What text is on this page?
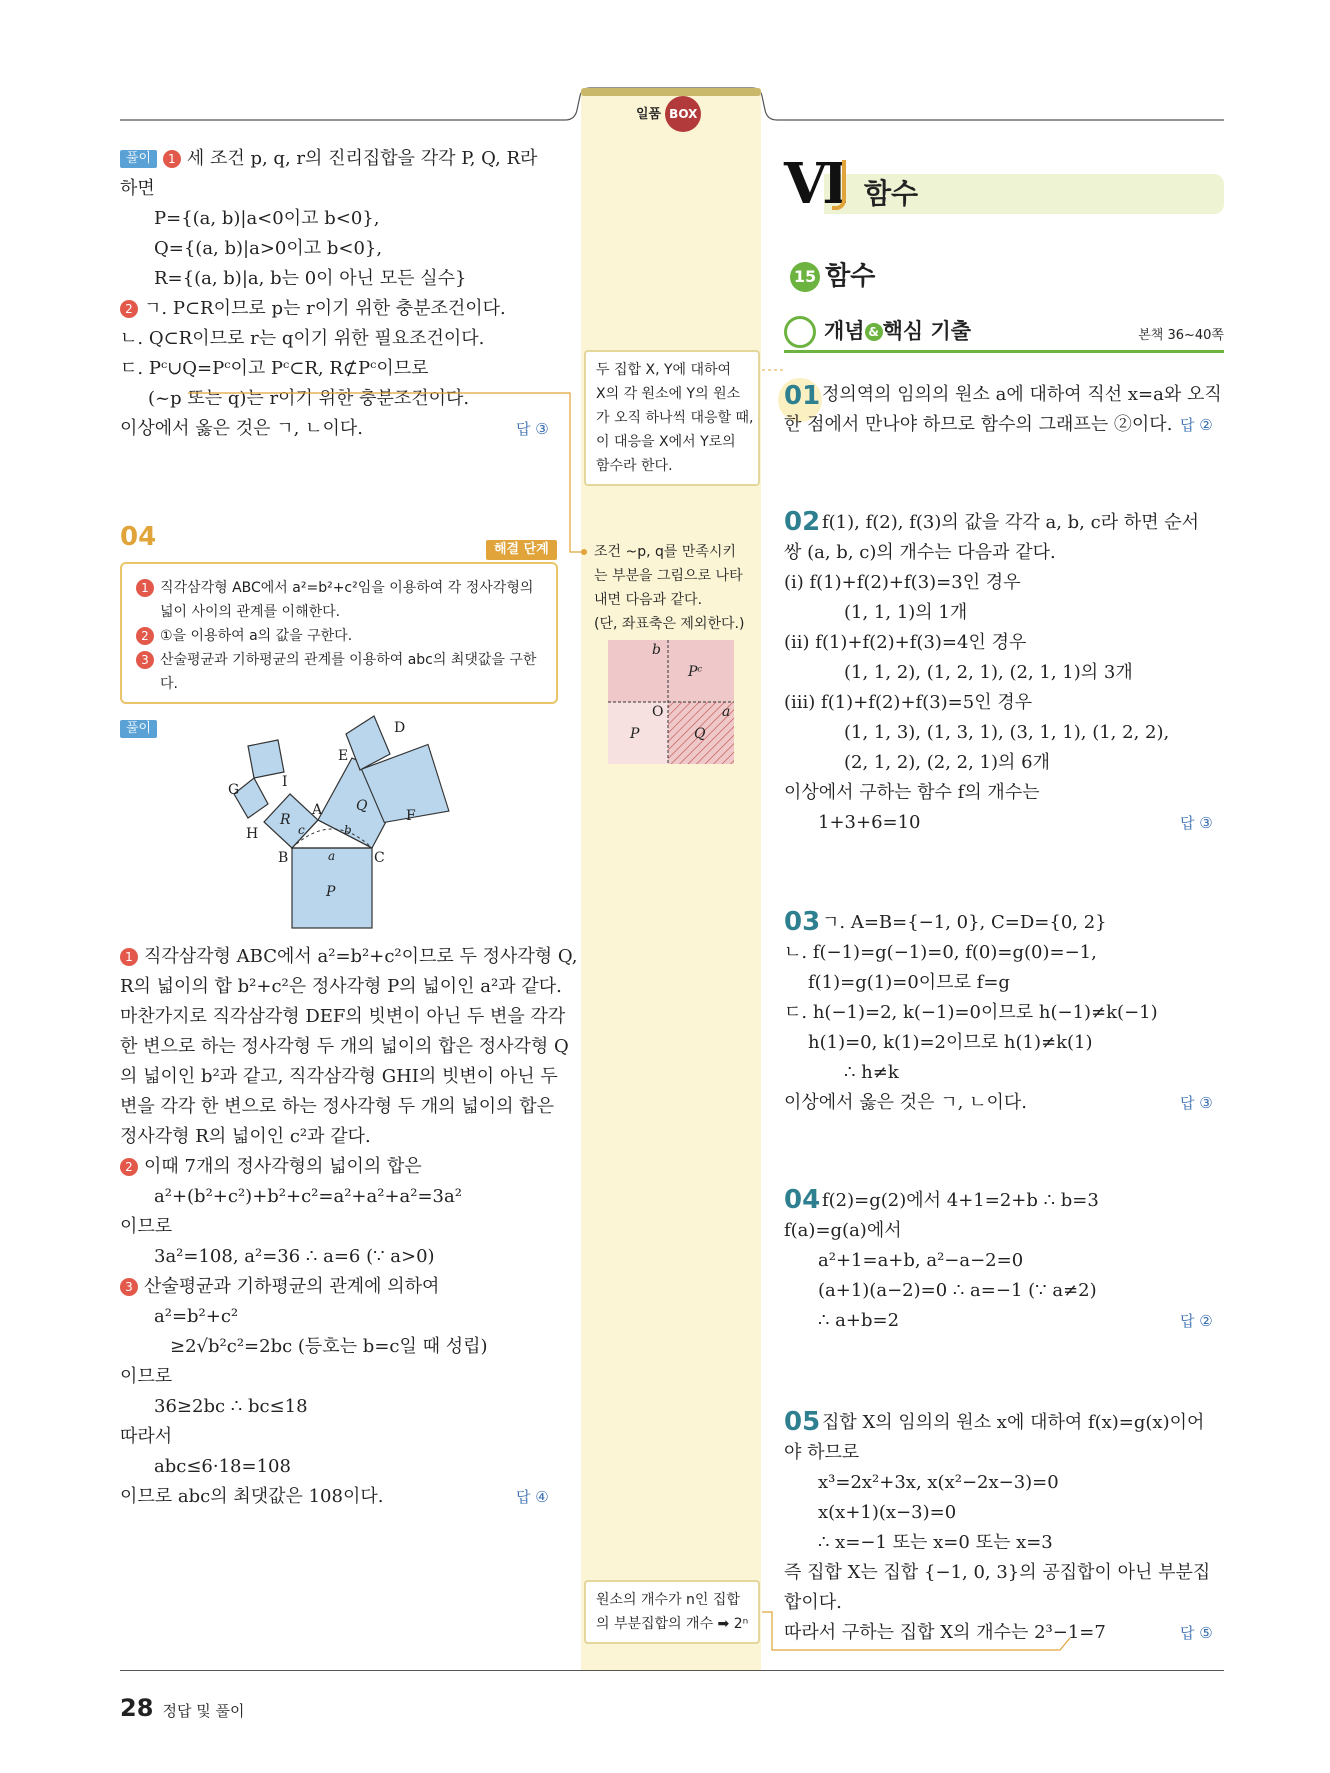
일품 BOX
풀이 1 세 조건 p, q, r의 진리집합을 각각 P, Q, R라
하면
P={(a, b)|a<0이고 b<0},
Q={(a, b)|a>0이고 b<0},
R={(a, b)|a, b는 0이 아닌 모든 실수}
2 ㄱ. P⊂R이므로 p는 r이기 위한 충분조건이다.
ㄴ. Q⊂R이므로 r는 q이기 위한 필요조건이다.
ㄷ. Pᶜ∪Q=Pᶜ이고 Pᶜ⊂R, R⊄Pᶜ이므로
(~p 또는 q)는 r이기 위한 충분조건이다.
이상에서 옳은 것은 ㄱ, ㄴ이다.	답 ③
04	해결 단계
1 직각삼각형 ABC에서 a²=b²+c²임을 이용하여 각 정사각형의
넓이 사이의 관계를 이해한다.
2 ①을 이용하여 a의 값을 구한다.
3 산술평균과 기하평균의 관계를 이용하여 abc의 최댓값을 구한
다.
풀이	D
E
F
G	I
A
H
B	C
P
Q
R
a
b
c
1 직각삼각형 ABC에서 a²=b²+c²이므로 두 정사각형 Q,
R의 넓이의 합 b²+c²은 정사각형 P의 넓이인 a²과 같다.
마찬가지로 직각삼각형 DEF의 빗변이 아닌 두 변을 각각
한 변으로 하는 정사각형 두 개의 넓이의 합은 정사각형 Q
의 넓이인 b²과 같고, 직각삼각형 GHI의 빗변이 아닌 두
변을 각각 한 변으로 하는 정사각형 두 개의 넓이의 합은
정사각형 R의 넓이인 c²과 같다.
2 이때 7개의 정사각형의 넓이의 합은
a²+(b²+c²)+b²+c²=a²+a²+a²=3a²
이므로
3a²=108, a²=36 ∴ a=6 (∵ a>0)
3 산술평균과 기하평균의 관계에 의하여
a²=b²+c²
≥2√b²c²=2bc (등호는 b=c일 때 성립)
이므로
36≥2bc ∴ bc≤18
따라서
abc≤6·18=108
이므로 abc의 최댓값은 108이다.	답 ④
두 집합 X, Y에 대하여
X의 각 원소에 Y의 원소
가 오직 하나씩 대응할 때,
이 대응을 X에서 Y로의
함수라 한다.
조건 ~p, q를 만족시키
는 부분을 그림으로 나타
내면 다음과 같다.
(단, 좌표축은 제외한다.)
b
a
O
Pᶜ
P	Q
원소의 개수가 n인 집합
의 부분집합의 개수 ➡ 2ⁿ
Ⅵ 함수
15 함수
개념 & 핵심 기출	본책 36~40쪽
01 정의역의 임의의 원소 a에 대하여 직선 x=a와 오직
한 점에서 만나야 하므로 함수의 그래프는 ②이다. 답 ②
02 f(1), f(2), f(3)의 값을 각각 a, b, c라 하면 순서
쌍 (a, b, c)의 개수는 다음과 같다.
(ⅰ) f(1)+f(2)+f(3)=3인 경우
(1, 1, 1)의 1개
(ⅱ) f(1)+f(2)+f(3)=4인 경우
(1, 1, 2), (1, 2, 1), (2, 1, 1)의 3개
(ⅲ) f(1)+f(2)+f(3)=5인 경우
(1, 1, 3), (1, 3, 1), (3, 1, 1), (1, 2, 2),
(2, 1, 2), (2, 2, 1)의 6개
이상에서 구하는 함수 f의 개수는
1+3+6=10	답 ③
03 ㄱ. A=B={−1, 0}, C=D={0, 2}
ㄴ. f(−1)=g(−1)=0, f(0)=g(0)=−1,
f(1)=g(1)=0이므로 f=g
ㄷ. h(−1)=2, k(−1)=0이므로 h(−1)≠k(−1)
h(1)=0, k(1)=2이므로 h(1)≠k(1)
∴ h≠k
이상에서 옳은 것은 ㄱ, ㄴ이다.	답 ③
04 f(2)=g(2)에서 4+1=2+b ∴ b=3
f(a)=g(a)에서
a²+1=a+b, a²−a−2=0
(a+1)(a−2)=0 ∴ a=−1 (∵ a≠2)
∴ a+b=2	답 ②
05 집합 X의 임의의 원소 x에 대하여 f(x)=g(x)이어
야 하므로
x³=2x²+3x, x(x²−2x−3)=0
x(x+1)(x−3)=0
∴ x=−1 또는 x=0 또는 x=3
즉 집합 X는 집합 {−1, 0, 3}의 공집합이 아닌 부분집
합이다.
따라서 구하는 집합 X의 개수는 2³−1=7	답 ⑤
28 정답 및 풀이
